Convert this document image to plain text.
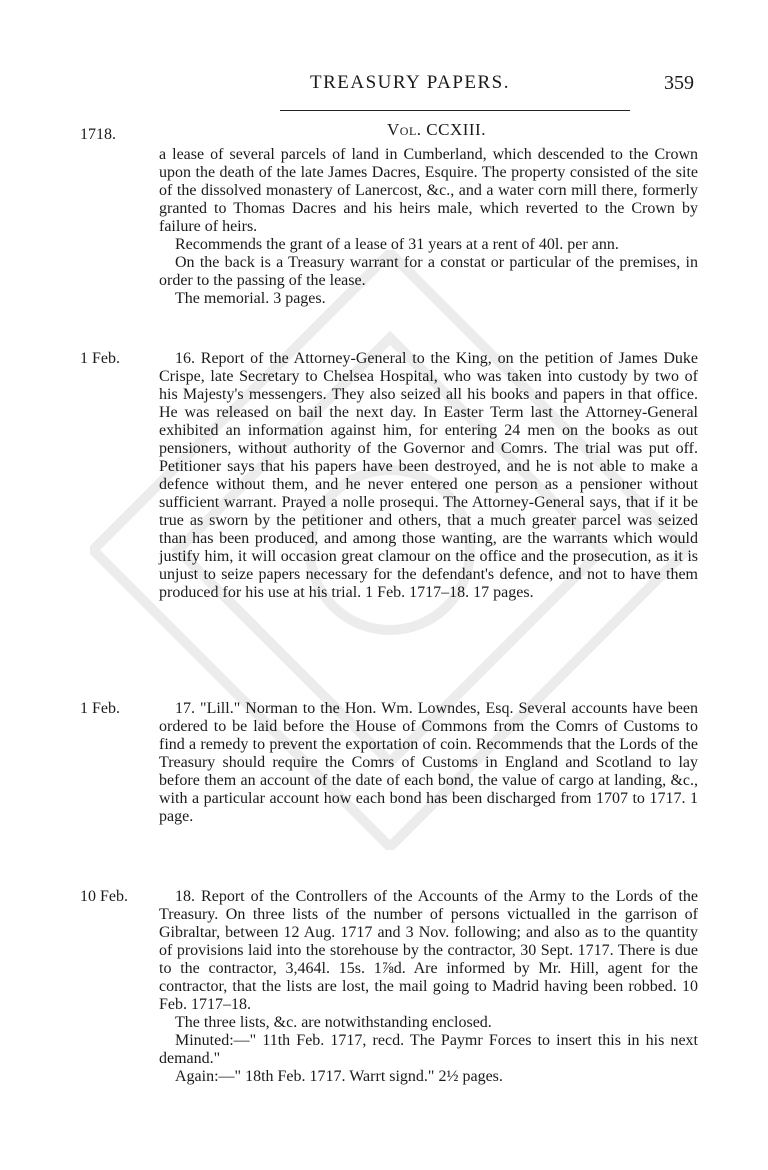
TREASURY PAPERS.	359
1718.	Vol. CCXIII.

a lease of several parcels of land in Cumberland, which descended to the Crown upon the death of the late James Dacres, Esquire. The property consisted of the site of the dissolved monastery of Lanercost, &c., and a water corn mill there, formerly granted to Thomas Dacres and his heirs male, which reverted to the Crown by failure of heirs.

Recommends the grant of a lease of 31 years at a rent of 40l. per ann.

On the back is a Treasury warrant for a constat or particular of the premises, in order to the passing of the lease.

The memorial. 3 pages.

1 Feb.	16. Report of the Attorney-General to the King, on the petition of James Duke Crispe, late Secretary to Chelsea Hospital, who was taken into custody by two of his Majesty's messengers. They also seized all his books and papers in that office. He was released on bail the next day. In Easter Term last the Attorney-General exhibited an information against him, for entering 24 men on the books as out pensioners, without authority of the Governor and Comrs. The trial was put off. Petitioner says that his papers have been destroyed, and he is not able to make a defence without them, and he never entered one person as a pensioner without sufficient warrant. Prayed a nolle prosequi. The Attorney-General says, that if it be true as sworn by the petitioner and others, that a much greater parcel was seized than has been produced, and among those wanting, are the warrants which would justify him, it will occasion great clamour on the office and the prosecution, as it is unjust to seize papers necessary for the defendant's defence, and not to have them produced for his use at his trial. 1 Feb. 1717–18. 17 pages.

1 Feb.	17. "Lill." Norman to the Hon. Wm. Lowndes, Esq. Several accounts have been ordered to be laid before the House of Commons from the Comrs of Customs to find a remedy to prevent the exportation of coin. Recommends that the Lords of the Treasury should require the Comrs of Customs in England and Scotland to lay before them an account of the date of each bond, the value of cargo at landing, &c., with a particular account how each bond has been discharged from 1707 to 1717. 1 page.

10 Feb.	18. Report of the Controllers of the Accounts of the Army to the Lords of the Treasury. On three lists of the number of persons victualled in the garrison of Gibraltar, between 12 Aug. 1717 and 3 Nov. following; and also as to the quantity of provisions laid into the storehouse by the contractor, 30 Sept. 1717. There is due to the contractor, 3,464l. 15s. 1⅞d. Are informed by Mr. Hill, agent for the contractor, that the lists are lost, the mail going to Madrid having been robbed. 10 Feb. 1717–18.

The three lists, &c. are notwithstanding enclosed.

Minuted:—" 11th Feb. 1717, recd. The Paymr Forces to insert this in his next demand."

Again:—" 18th Feb. 1717. Warrt signd." 2½ pages.
